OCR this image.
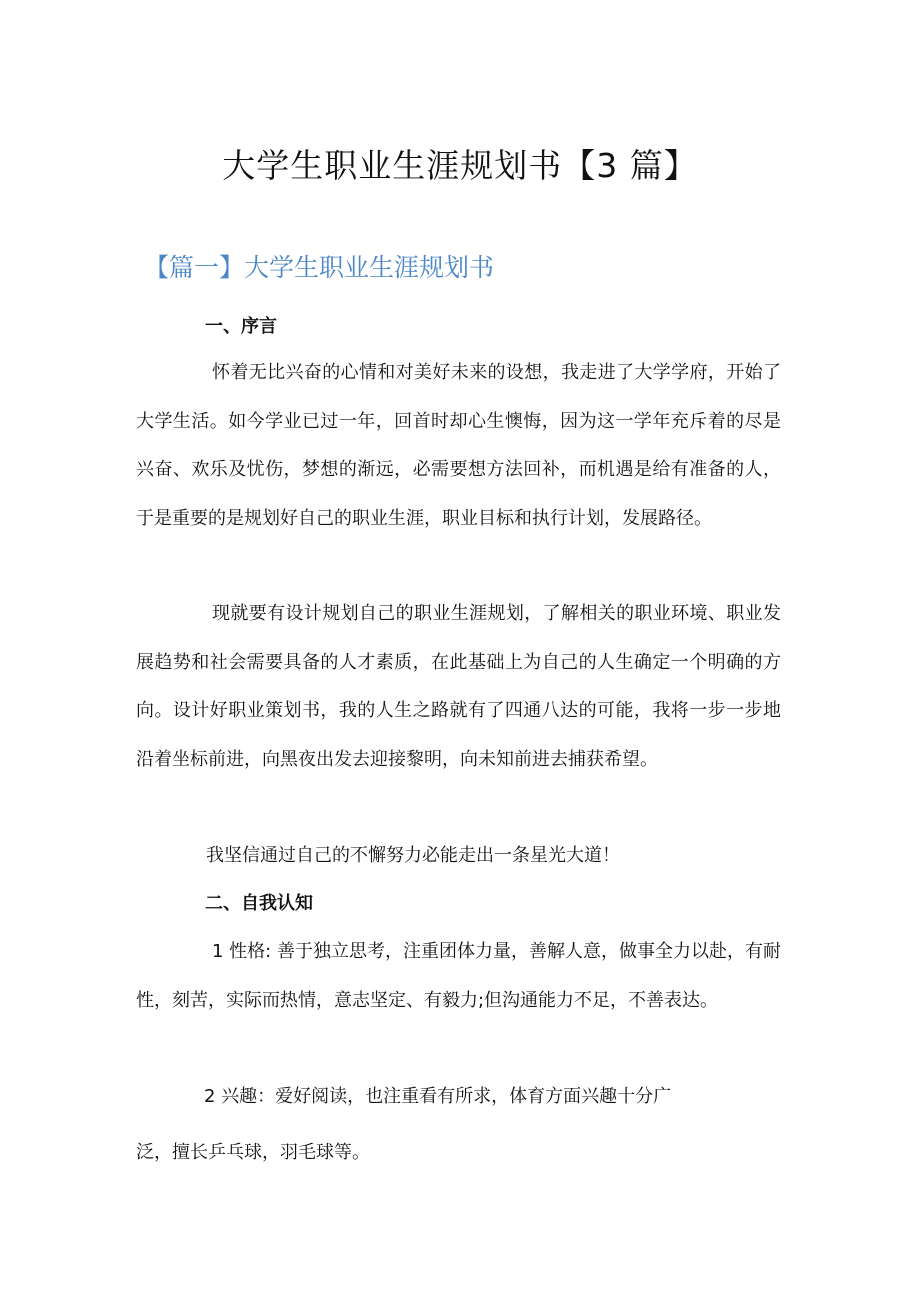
大学生职业生涯规划书【3 篇】
【篇一】大学生职业生涯规划书
一、序言

怀着无比兴奋的心情和对美好未来的设想，我走进了大学学府，开始了大学生活。如今学业已过一年，回首时却心生懊悔，因为这一学年充斥着的尽是兴奋、欢乐及忧伤，梦想的渐远，必需要想方法回补，而机遇是给有准备的人，于是重要的是规划好自己的职业生涯，职业目标和执行计划，发展路径。

现就要有设计规划自己的职业生涯规划，了解相关的职业环境、职业发展趋势和社会需要具备的人才素质，在此基础上为自己的人生确定一个明确的方向。设计好职业策划书，我的人生之路就有了四通八达的可能，我将一步一步地沿着坐标前进，向黑夜出发去迎接黎明，向未知前进去捕获希望。

我坚信通过自己的不懈努力必能走出一条星光大道！

二、自我认知

1 性格: 善于独立思考，注重团体力量，善解人意，做事全力以赴，有耐性，刻苦，实际而热情，意志坚定、有毅力;但沟通能力不足，不善表达。

2 兴趣：爱好阅读，也注重看有所求，体育方面兴趣十分广

泛，擅长乒乓球，羽毛球等。
